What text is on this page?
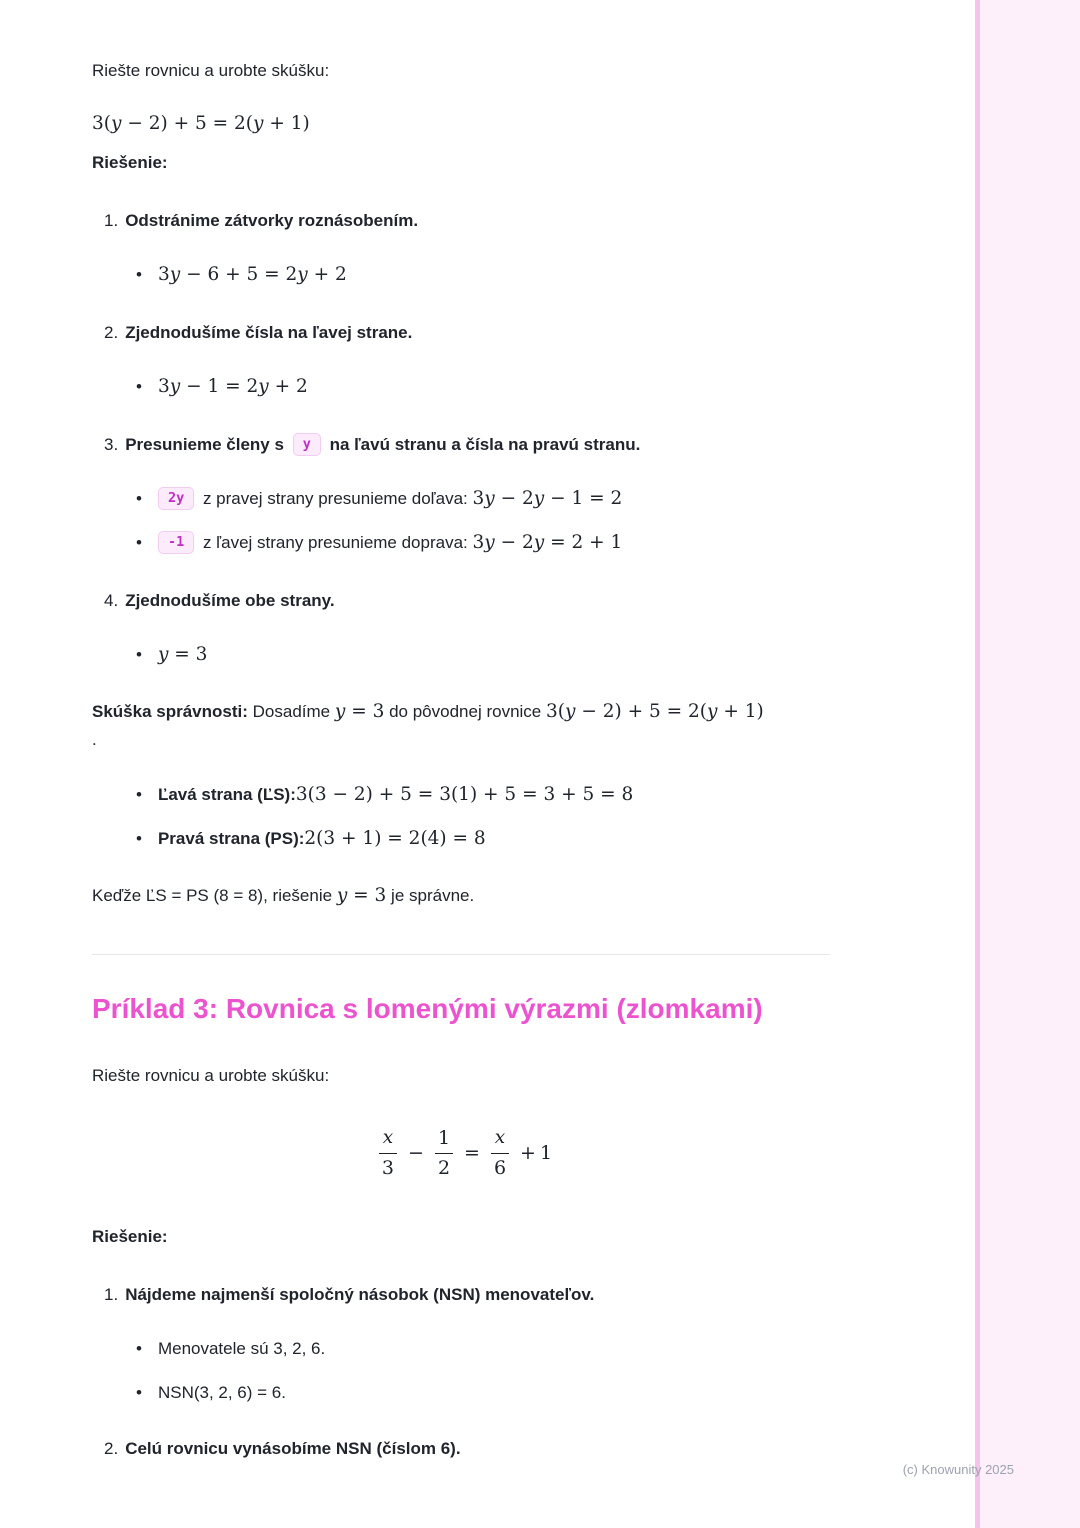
Riešte rovnicu a urobte skúšku:

3(y − 2) + 5 = 2(y + 1)

Riešenie:

1. Odstránime zátvorky roznásobením.
• 3y − 6 + 5 = 2y + 2
2. Zjednodušíme čísla na ľavej strane.
• 3y − 1 = 2y + 2
3. Presunieme členy s y na ľavú stranu a čísla na pravú stranu.
• 2y z pravej strany presunieme doľava: 3y − 2y − 1 = 2
• -1 z ľavej strany presunieme doprava: 3y − 2y = 2 + 1
4. Zjednodušíme obe strany.
• y = 3

Skúška správnosti: Dosadíme y = 3 do pôvodnej rovnice 3(y − 2) + 5 = 2(y + 1)
.

• Ľavá strana (ĽS):3(3 − 2) + 5 = 3(1) + 5 = 3 + 5 = 8
• Pravá strana (PS):2(3 + 1) = 2(4) = 8

Keďže ĽS = PS (8 = 8), riešenie y = 3 je správne.

Príklad 3: Rovnica s lomenými výrazmi (zlomkami)

Riešte rovnicu a urobte skúšku:

$\frac{x}{3} - \frac{1}{2} = \frac{x}{6} + 1$

Riešenie:

1. Nájdeme najmenší spoločný násobok (NSN) menovateľov.
• Menovatele sú 3, 2, 6.
• NSN(3, 2, 6) = 6.
2. Celú rovnicu vynásobíme NSN (číslom 6).
(c) Knowunity 2025
